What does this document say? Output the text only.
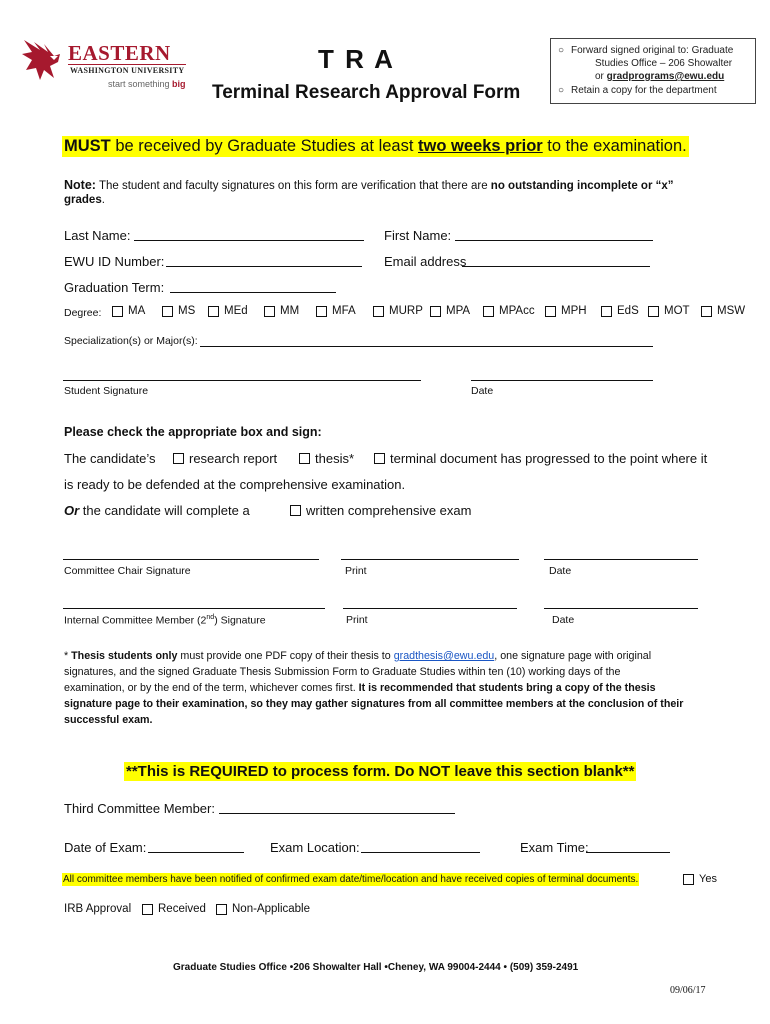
EASTERN
WASHINGTON UNIVERSITY
start something big
T R A
Terminal Research Approval Form
○ Forward signed original to: Graduate
Studies Office – 206 Showalter
or gradprograms@ewu.edu
○ Retain a copy for the department
MUST be received by Graduate Studies at least two weeks prior to the examination.
Note: The student and faculty signatures on this form are verification that there are no outstanding incomplete or “x”
grades.
Last Name:	First Name:
EWU ID Number:	Email address
Graduation Term:
Degree: MA	MS	MEd	MM	MFA	MURP MPA	MPAcc MPH	EdS MOT MSW
Specialization(s) or Major(s):
Student Signature	Date
Please check the appropriate box and sign:
The candidate’s	research report	thesis*	terminal document has progressed to the point where it
is ready to be defended at the comprehensive examination.
Or the candidate will complete a	written comprehensive exam
Committee Chair Signature	Print	Date
Internal Committee Member (2nd) Signature	Print	Date
* Thesis students only must provide one PDF copy of their thesis to gradthesis@ewu.edu, one signature page with original
signatures, and the signed Graduate Thesis Submission Form to Graduate Studies within ten (10) working days of the
examination, or by the end of the term, whichever comes first. It is recommended that students bring a copy of the thesis
signature page to their examination, so they may gather signatures from all committee members at the conclusion of their
successful exam.
**This is REQUIRED to process form. Do NOT leave this section blank**
Third Committee Member:
Date of Exam:	Exam Location:	Exam Time:
All committee members have been notified of confirmed exam date/time/location and have received copies of terminal documents.	Yes
IRB Approval Received Non-Applicable
Graduate Studies Office •206 Showalter Hall •Cheney, WA 99004-2444 • (509) 359-2491
09/06/17
